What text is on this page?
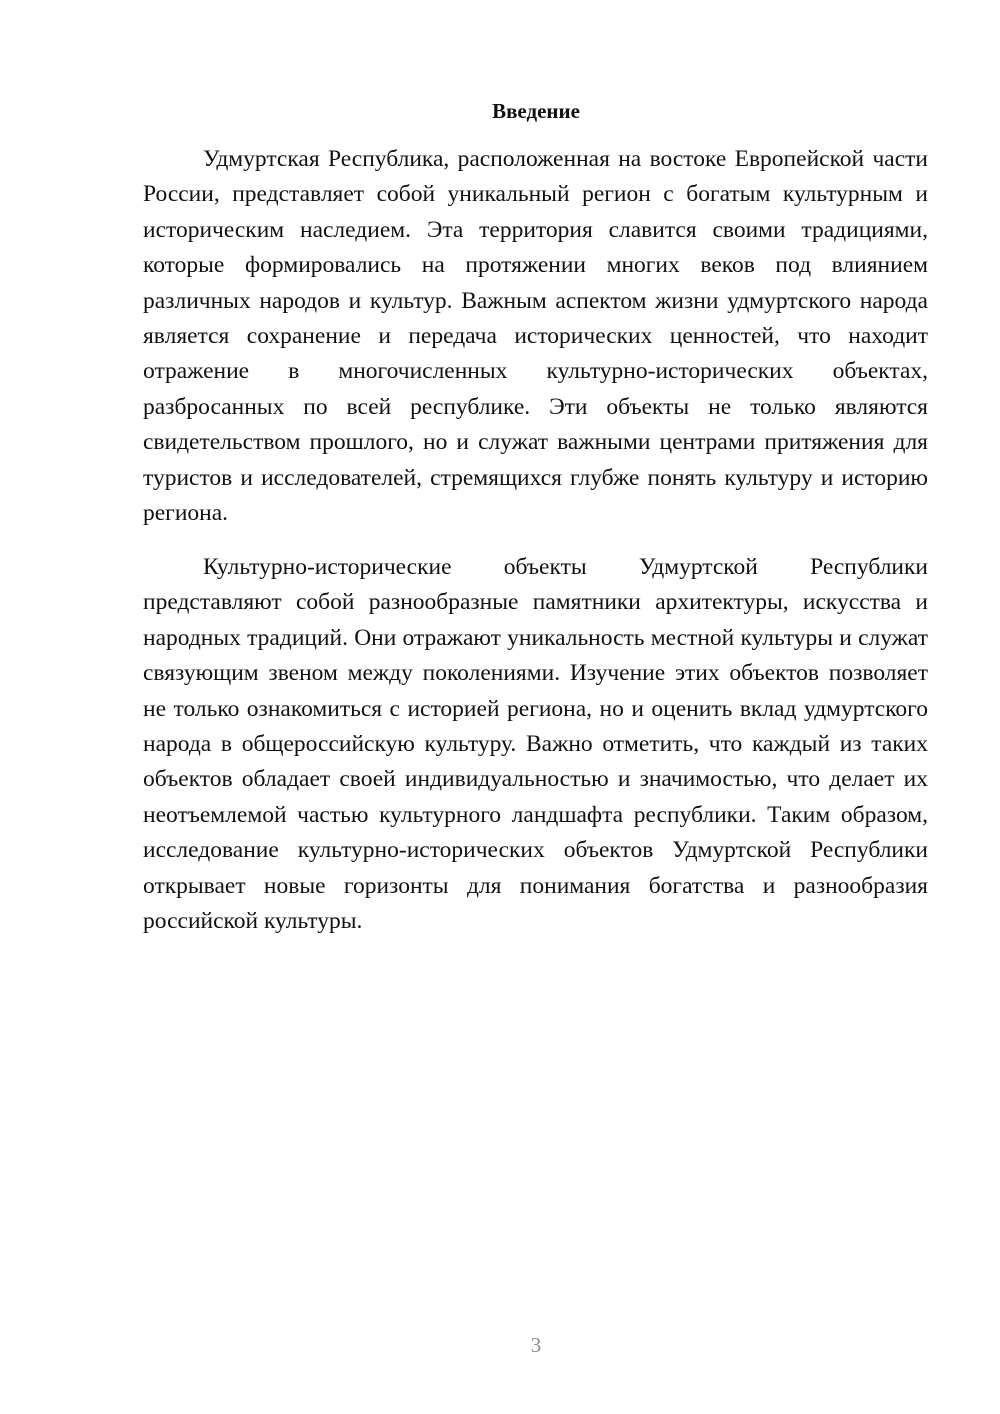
Введение

Удмуртская Республика, расположенная на востоке Европейской части России, представляет собой уникальный регион с богатым культурным и историческим наследием. Эта территория славится своими традициями, которые формировались на протяжении многих веков под влиянием различных народов и культур. Важным аспектом жизни удмуртского народа является сохранение и передача исторических ценностей, что находит отражение в многочисленных культурно-исторических объектах, разбросанных по всей республике. Эти объекты не только являются свидетельством прошлого, но и служат важными центрами притяжения для туристов и исследователей, стремящихся глубже понять культуру и историю региона.

Культурно-исторические объекты Удмуртской Республики представляют собой разнообразные памятники архитектуры, искусства и народных традиций. Они отражают уникальность местной культуры и служат связующим звеном между поколениями. Изучение этих объектов позволяет не только ознакомиться с историей региона, но и оценить вклад удмуртского народа в общероссийскую культуру. Важно отметить, что каждый из таких объектов обладает своей индивидуальностью и значимостью, что делает их неотъемлемой частью культурного ландшафта республики. Таким образом, исследование культурно-исторических объектов Удмуртской Республики открывает новые горизонты для понимания богатства и разнообразия российской культуры.

3
